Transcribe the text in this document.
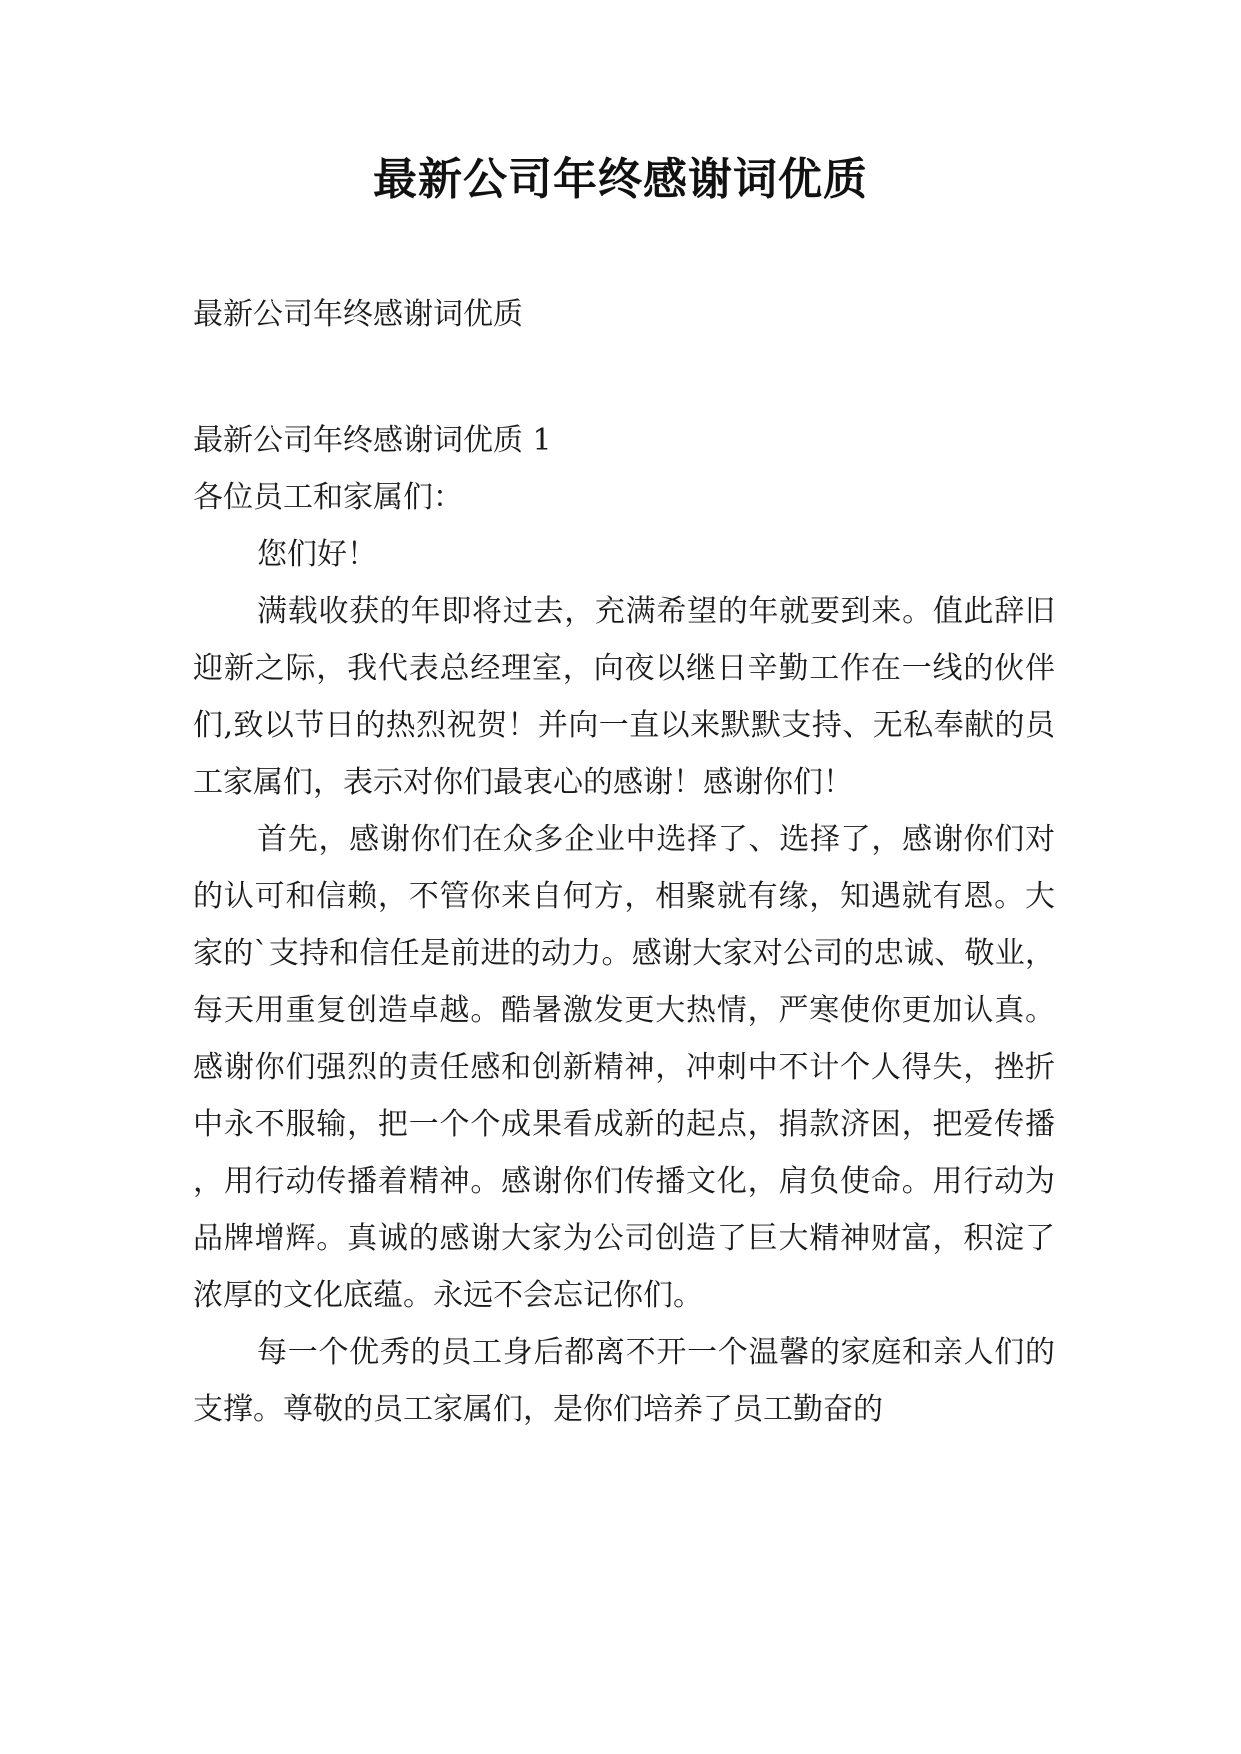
最新公司年终感谢词优质
最新公司年终感谢词优质

最新公司年终感谢词优质 1

各位员工和家属们：

您们好！

满载收获的年即将过去，充满希望的年就要到来。值此辞旧迎新之际，我代表总经理室，向夜以继日辛勤工作在一线的伙伴们,致以节日的热烈祝贺！并向一直以来默默支持、无私奉献的员工家属们，表示对你们最衷心的感谢！感谢你们！

首先，感谢你们在众多企业中选择了、选择了，感谢你们对的认可和信赖，不管你来自何方，相聚就有缘，知遇就有恩。大家的`支持和信任是前进的动力。感谢大家对公司的忠诚、敬业，每天用重复创造卓越。酷暑激发更大热情，严寒使你更加认真。感谢你们强烈的责任感和创新精神，冲刺中不计个人得失，挫折中永不服输，把一个个成果看成新的起点，捐款济困，把爱传播，用行动传播着精神。感谢你们传播文化，肩负使命。用行动为品牌增辉。真诚的感谢大家为公司创造了巨大精神财富，积淀了浓厚的文化底蕴。永远不会忘记你们。

每一个优秀的员工身后都离不开一个温馨的家庭和亲人们的支撑。尊敬的员工家属们，是你们培养了员工勤奋的
